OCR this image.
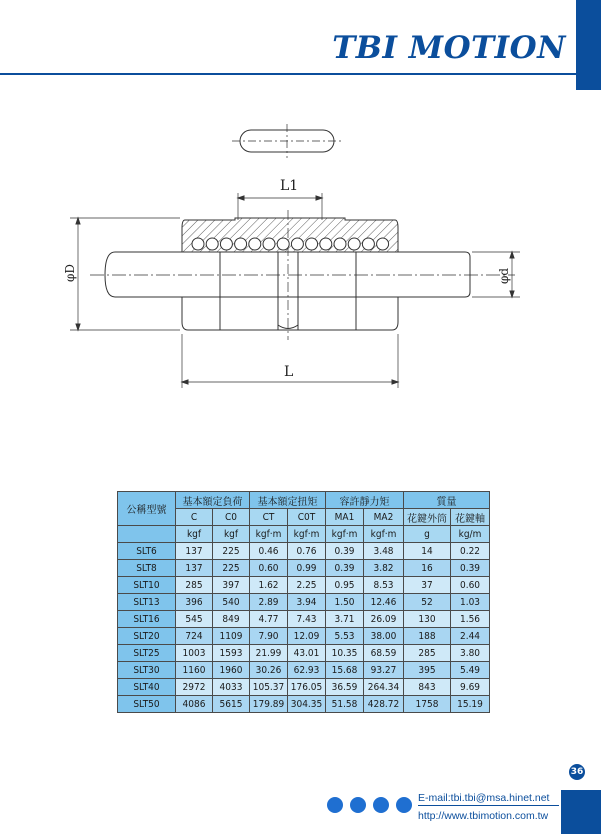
TBI MOTION
L1
L
φD	φd
公稱型號	基本額定負荷		基本額定扭矩		容許靜力矩		質量	
	C	C0	CT	C0T	MA1	MA2	花鍵外筒	花鍵軸
	kgf	kgf	kgf·m	kgf·m	kgf·m	kgf·m	g	kg/m
SLT6	137	225	0.46	0.76	0.39	3.48	14	0.22
SLT8	137	225	0.60	0.99	0.39	3.82	16	0.39
SLT10	285	397	1.62	2.25	0.95	8.53	37	0.60
SLT13	396	540	2.89	3.94	1.50	12.46	52	1.03
SLT16	545	849	4.77	7.43	3.71	26.09	130	1.56
SLT20	724	1109	7.90	12.09	5.53	38.00	188	2.44
SLT25	1003	1593	21.99	43.01	10.35	68.59	285	3.80
SLT30	1160	1960	30.26	62.93	15.68	93.27	395	5.49
SLT40	2972	4033	105.37	176.05	36.59	264.34	843	9.69
SLT50	4086	5615	179.89	304.35	51.58	428.72	1758	15.19
36
E-mail:tbi.tbi@msa.hinet.net
http://www.tbimotion.com.tw
